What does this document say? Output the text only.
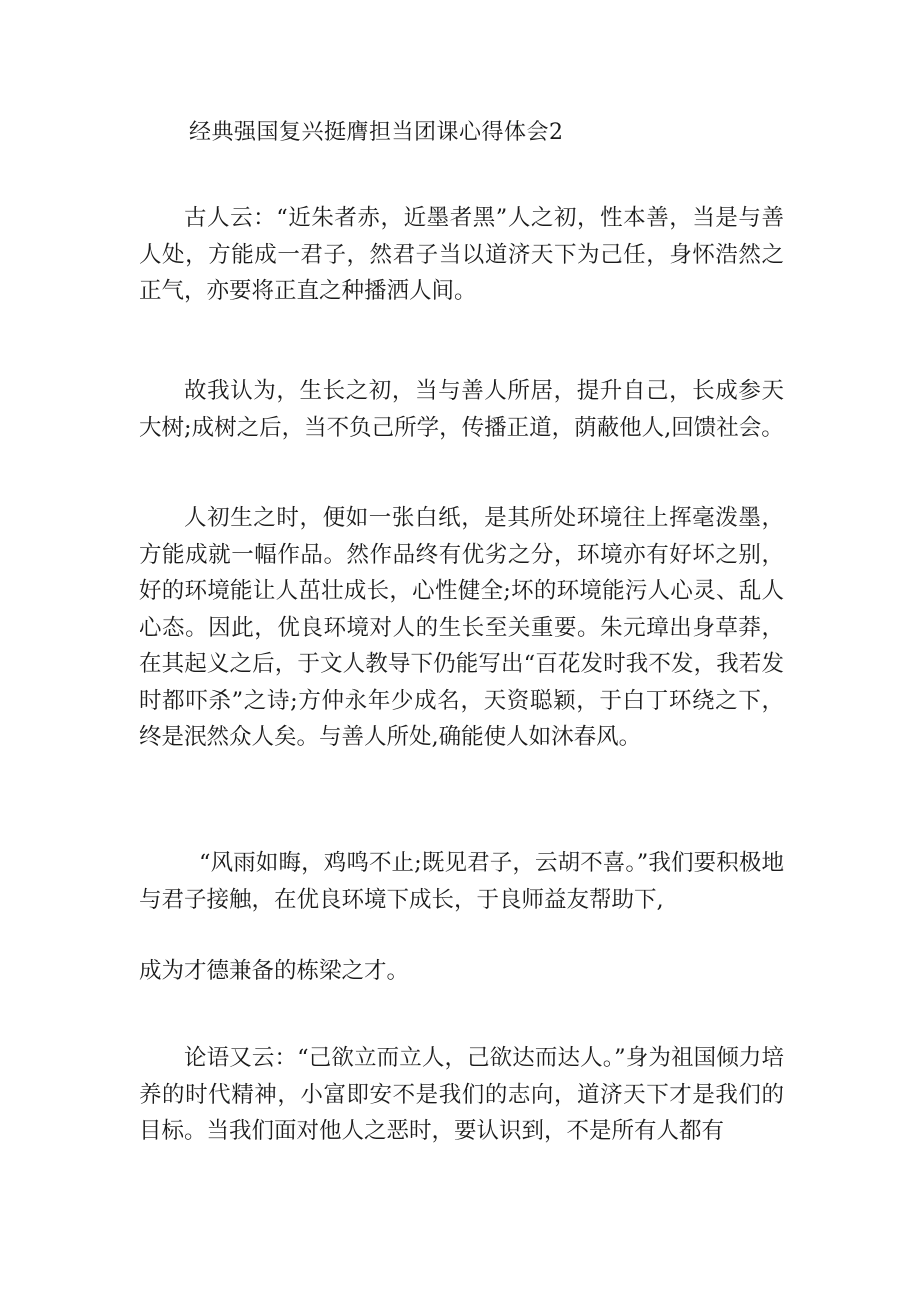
经典强国复兴挺膺担当团课心得体会2

古人云：“近朱者赤，近墨者黑”人之初，性本善，当是与善人处，方能成一君子，然君子当以道济天下为己任，身怀浩然之正气，亦要将正直之种播洒人间。

故我认为，生长之初，当与善人所居，提升自己，长成参天大树;成树之后，当不负己所学，传播正道，荫蔽他人,回馈社会。

人初生之时，便如一张白纸，是其所处环境往上挥毫泼墨，方能成就一幅作品。然作品终有优劣之分，环境亦有好坏之别，好的环境能让人茁壮成长，心性健全;坏的环境能污人心灵、乱人心态。因此，优良环境对人的生长至关重要。朱元璋出身草莽，在其起义之后，于文人教导下仍能写出“百花发时我不发，我若发时都吓杀”之诗;方仲永年少成名，天资聪颖，于白丁环绕之下，终是泯然众人矣。与善人所处,确能使人如沐春风。

“风雨如晦，鸡鸣不止;既见君子，云胡不喜。”我们要积极地与君子接触，在优良环境下成长，于良师益友帮助下,

成为才德兼备的栋梁之才。

论语又云：“己欲立而立人，己欲达而达人。”身为祖国倾力培养的时代精神，小富即安不是我们的志向，道济天下才是我们的目标。当我们面对他人之恶时，要认识到，不是所有人都有
